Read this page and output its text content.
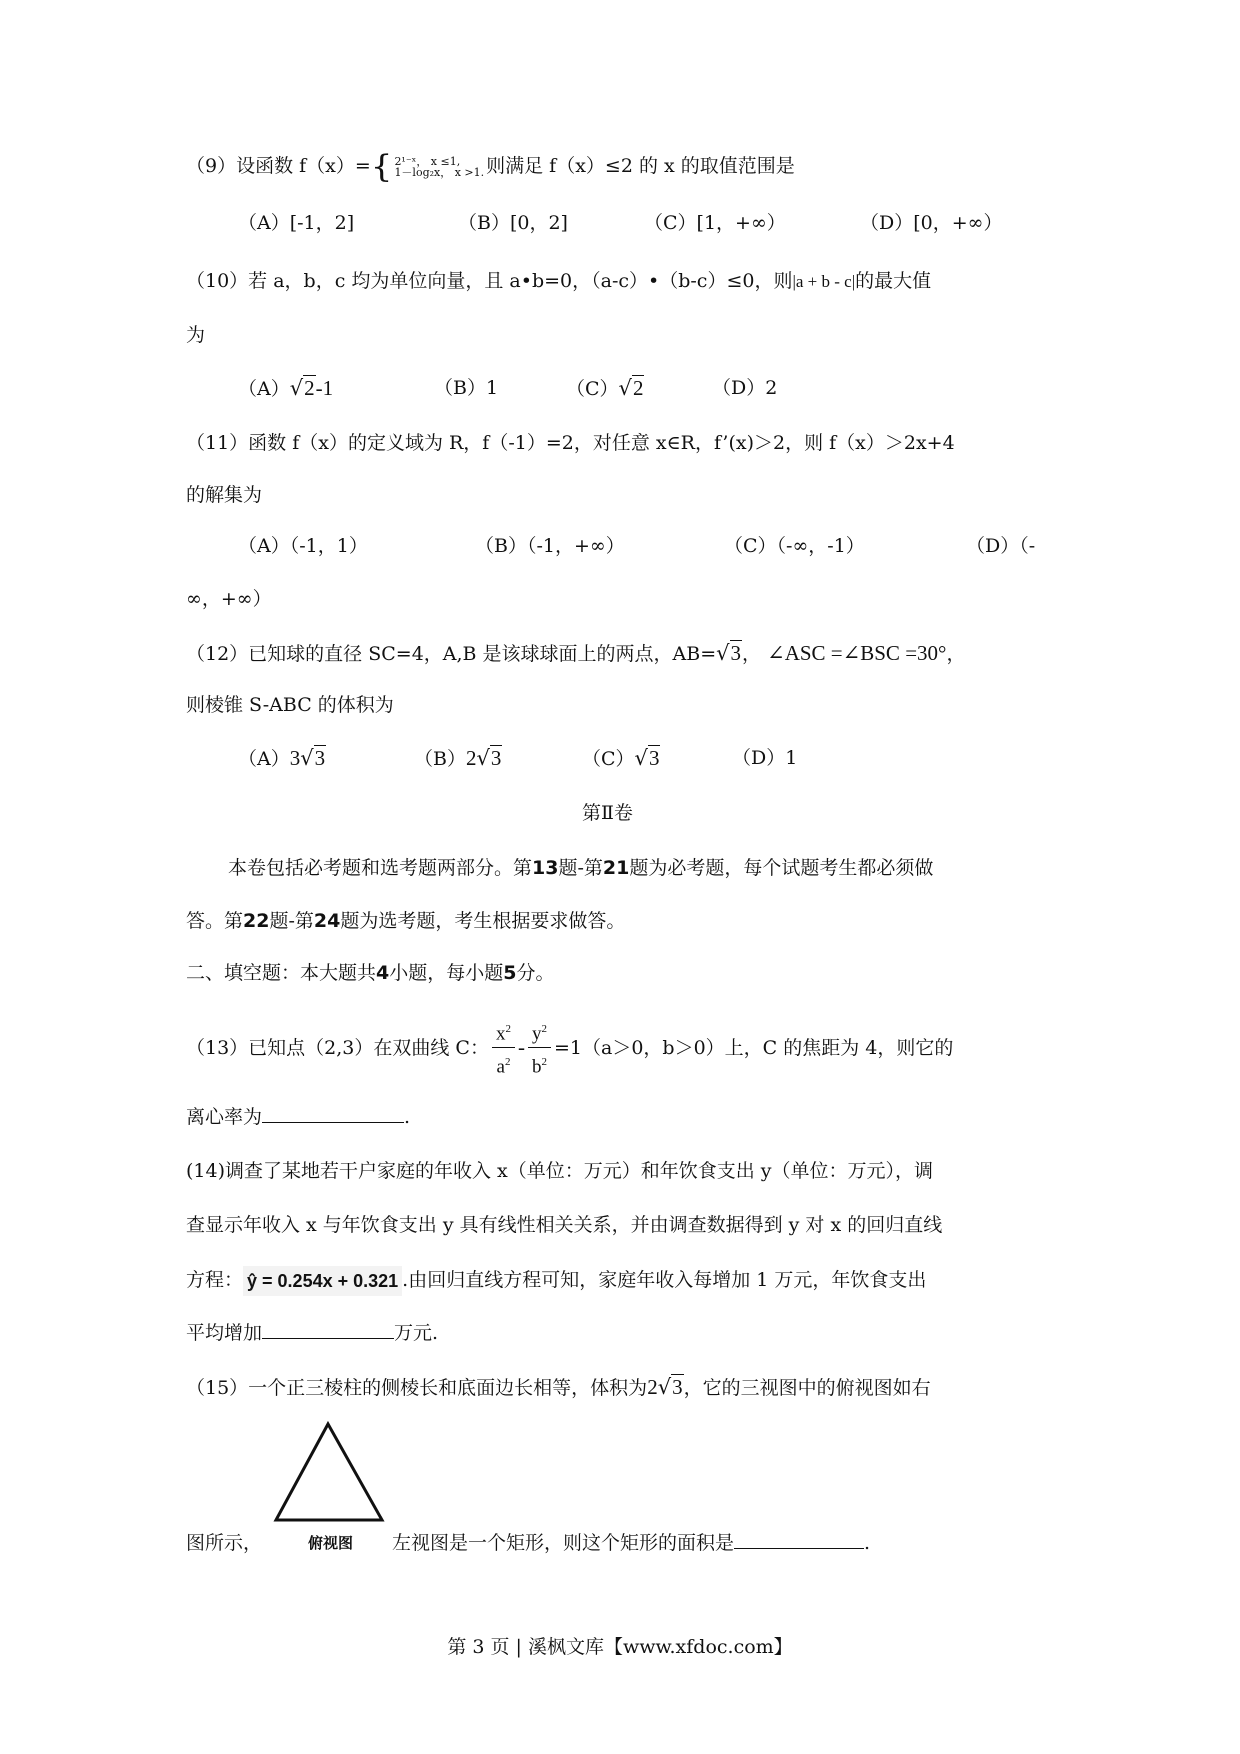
（9）设函数 f（x）={ 2¹⁻ˣ， x ≤1,
1－log₂x， x >1. 则满足 f（x）≤2 的 x 的取值范围是
（A）[-1，2]	（B）[0，2]	（C）[1，+∞）	（D）[0，+∞）
（10）若 a，b，c 均为单位向量，且 a•b=0，（a-c）•（b-c）≤0，则|a + b - c|的最大值
为
（A）√2-1	（B）1	（C）√2	（D）2
（11）函数 f（x）的定义域为 R，f（-1）=2，对任意 x∈R，f’(x)＞2，则 f（x）＞2x+4
的解集为
（A）（-1，1）	（B）（-1，+∞）	（C）（-∞，-1）	（D）（-
∞，+∞）
（12）已知球的直径 SC=4，A,B 是该球球面上的两点，AB=√3， ∠ASC =∠BSC =30°，
则棱锥 S-ABC 的体积为
（A）3√3	（B）2√3	（C）√3	（D）1
第Ⅱ卷
本卷包括必考题和选考题两部分。第13题-第21题为必考题，每个试题考生都必须做
答。第22题-第24题为选考题，考生根据要求做答。
二、填空题：本大题共4小题，每小题5分。
（13）已知点（2,3）在双曲线 C： $\frac{x^2}{a^2} - \frac{y^2}{b^2} =1(a>0$，b＞0）上，C 的焦距为 4，则它的
离心率为	.
(14)调查了某地若干户家庭的年收入 x（单位：万元）和年饮食支出 y（单位：万元），调
查显示年收入 x 与年饮食支出 y 具有线性相关关系，并由调查数据得到 y 对 x 的回归直线
方程： ŷ = 0.254x + 0.321 .由回归直线方程可知，家庭年收入每增加 1 万元，年饮食支出
平均增加	万元.
（15）一个正三棱柱的侧棱长和底面边长相等，体积为2√3，它的三视图中的俯视图如右
俯视图
图所示，	左视图是一个矩形，则这个矩形的面积是	.
第 3 页 | 溪枫文库【www.xfdoc.com】
